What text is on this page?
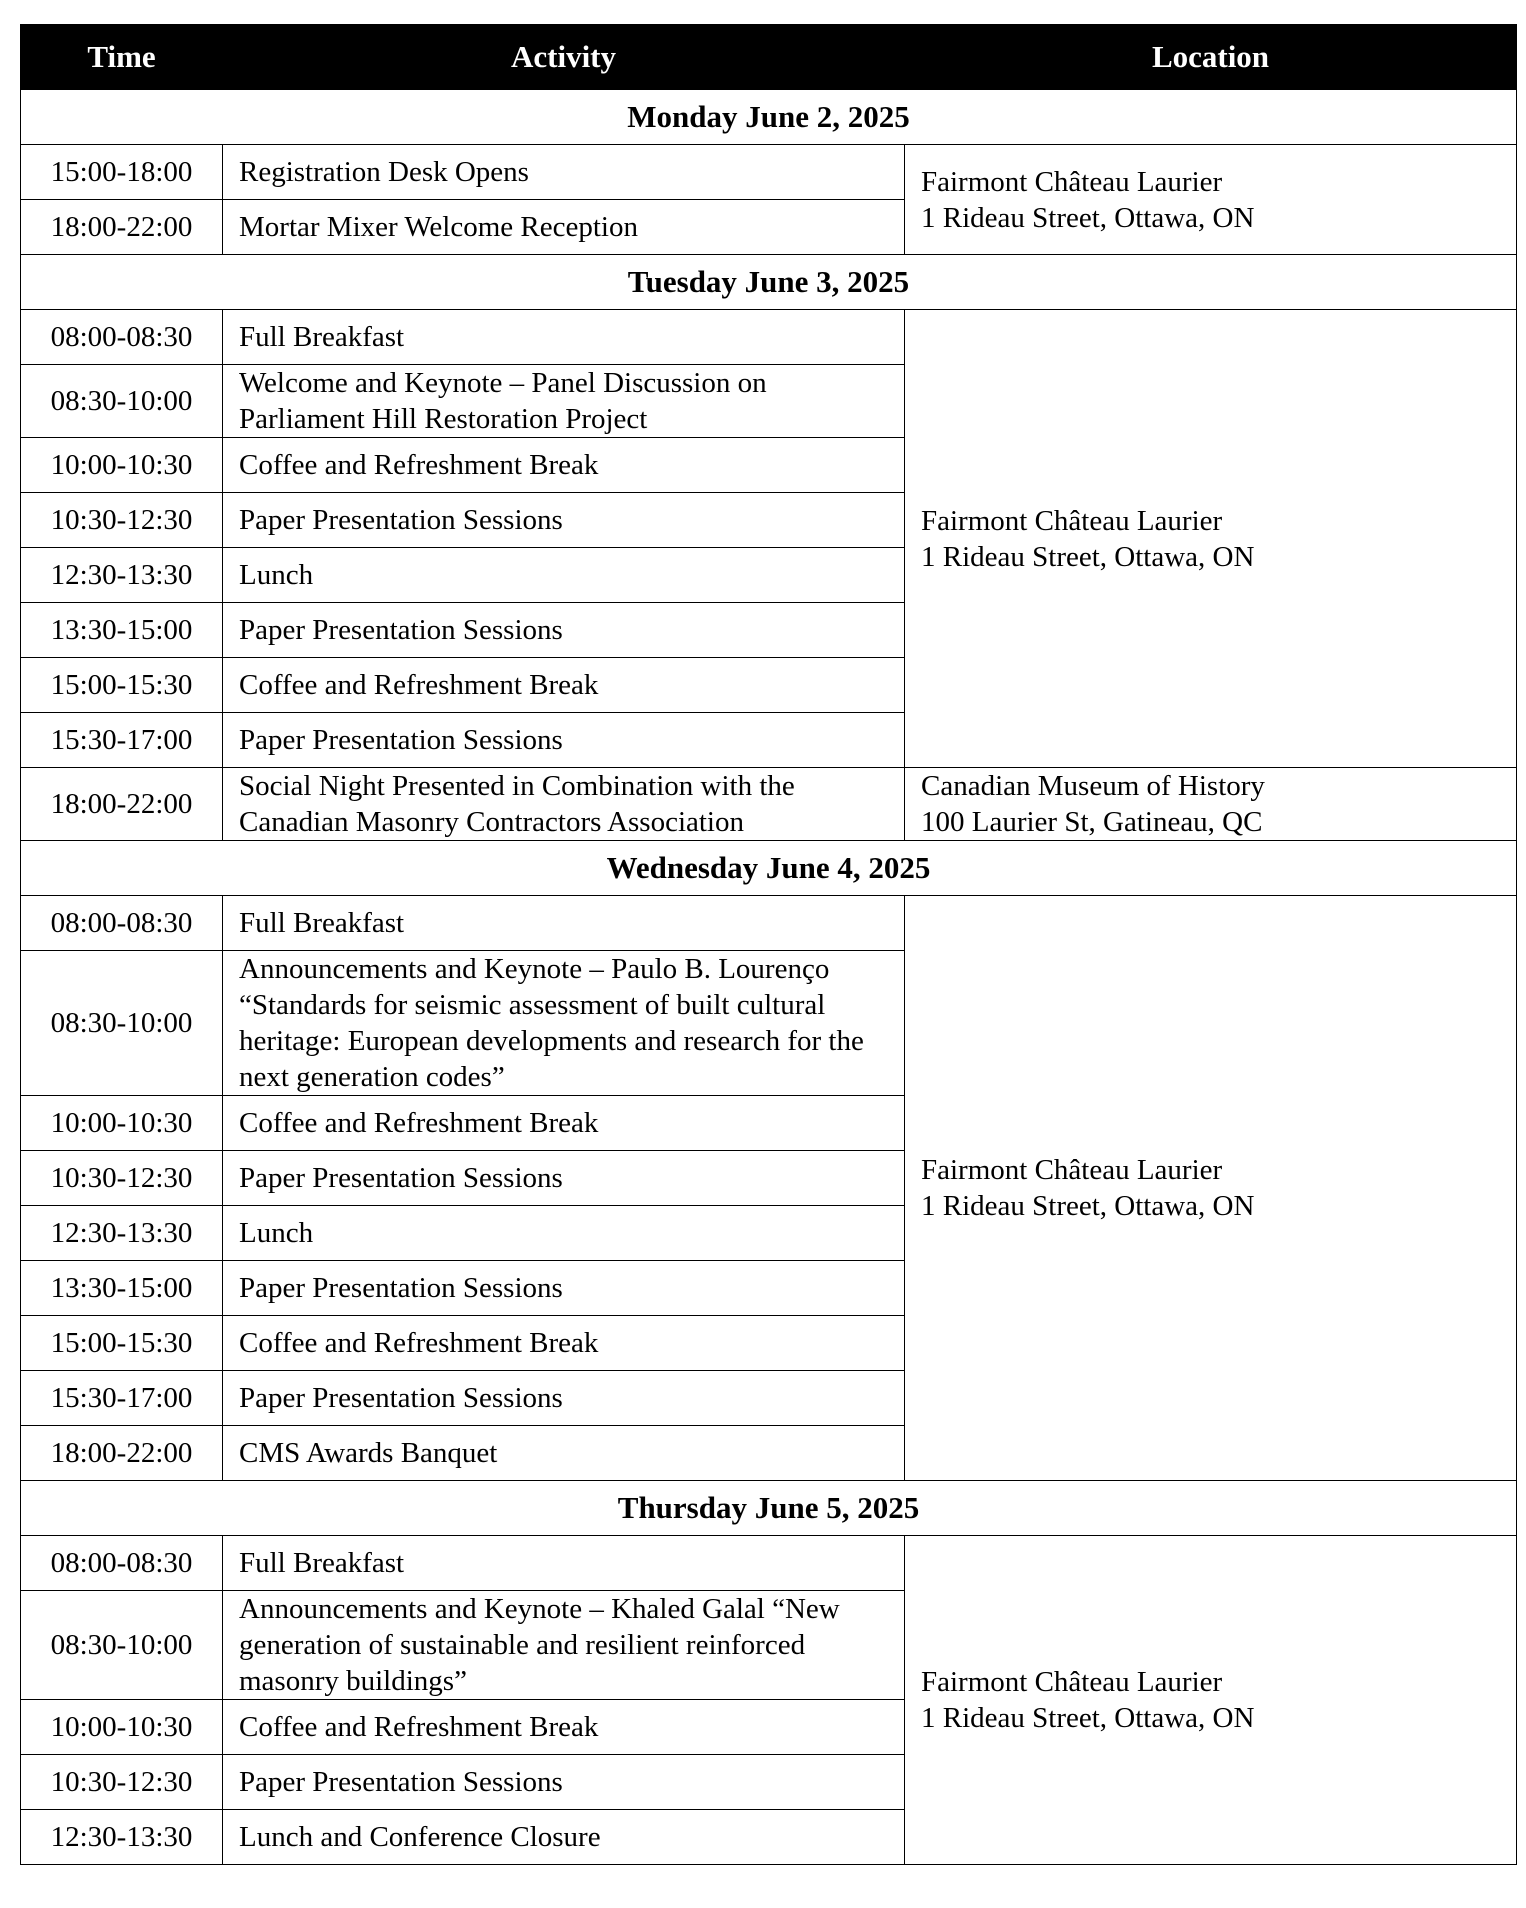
Time	Activity	Location
Monday June 2, 2025		
15:00-18:00	Registration Desk Opens	Fairmont Château Laurier
1 Rideau Street, Ottawa, ON

18:00-22:00	Mortar Mixer Welcome Reception	
Tuesday June 3, 2025		
08:00-08:30	Full Breakfast	Fairmont Château Laurier
1 Rideau Street, Ottawa, ON

08:30-10:00	Welcome and Keynote – Panel Discussion on Parliament Hill Restoration Project	
10:00-10:30	Coffee and Refreshment Break	
10:30-12:30	Paper Presentation Sessions	
12:30-13:30	Lunch	
13:30-15:00	Paper Presentation Sessions	
15:00-15:30	Coffee and Refreshment Break	
15:30-17:00	Paper Presentation Sessions	
18:00-22:00	Social Night Presented in Combination with the Canadian Masonry Contractors Association	Canadian Museum of History
100 Laurier St, Gatineau, QC

Wednesday June 4, 2025		
08:00-08:30	Full Breakfast	Fairmont Château Laurier
1 Rideau Street, Ottawa, ON

08:30-10:00	Announcements and Keynote – Paulo B. Lourenço “Standards for seismic assessment of built cultural heritage: European developments and research for the next generation codes”	
10:00-10:30	Coffee and Refreshment Break	
10:30-12:30	Paper Presentation Sessions	
12:30-13:30	Lunch	
13:30-15:00	Paper Presentation Sessions	
15:00-15:30	Coffee and Refreshment Break	
15:30-17:00	Paper Presentation Sessions	
18:00-22:00	CMS Awards Banquet	
Thursday June 5, 2025		
08:00-08:30	Full Breakfast	Fairmont Château Laurier
1 Rideau Street, Ottawa, ON

08:30-10:00	Announcements and Keynote – Khaled Galal “New generation of sustainable and resilient reinforced masonry buildings”	
10:00-10:30	Coffee and Refreshment Break	
10:30-12:30	Paper Presentation Sessions	
12:30-13:30	Lunch and Conference Closure	
